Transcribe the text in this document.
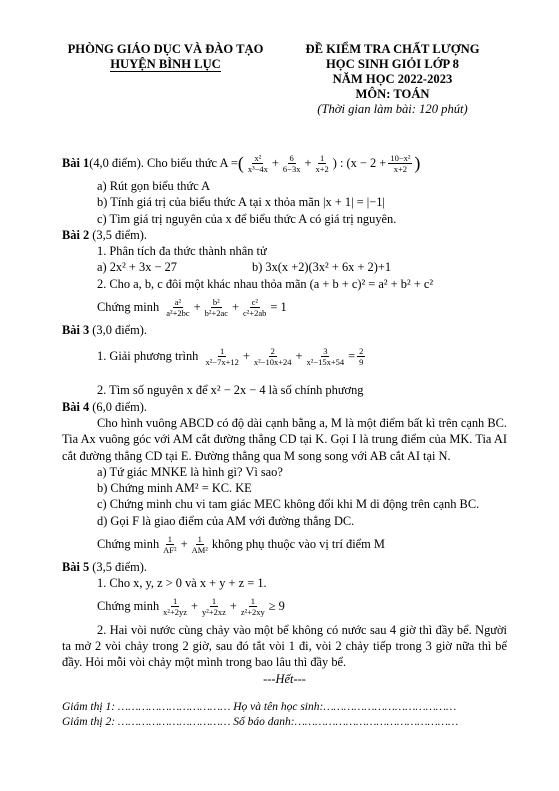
PHÒNG GIÁO DỤC VÀ ĐÀO TẠO
HUYỆN BÌNH LỤC
ĐỀ KIỂM TRA CHẤT LƯỢNG
HỌC SINH GIỎI LỚP 8
NĂM HỌC 2022-2023
MÔN: TOÁN
(Thời gian làm bài: 120 phút)
Bài 1 (4,0 điểm). Cho biểu thức A = ( x²
x³−4x + 6
6−3x + 1
x+2 ) : ($x - 2 + \frac{\text{10−x²}}{x+2}$ )
a) Rút gọn biểu thức A
b) Tính giá trị của biểu thức A tại x thỏa mãn |x + 1| = |−1|
c) Tìm giá trị nguyên của x để biểu thức A có giá trị nguyên.
Bài 2 (3,5 điểm).
1. Phân tích đa thức thành nhân tử
a) 2x² + 3x − 27	b) 3x(x +2)(3x² + 6x + 2)+1
2. Cho a, b, c đôi một khác nhau thỏa mãn (a + b + c)² = a² + b² + c²
Chứng minh
a²
a²+2bc + b²
$b^2+2ac + \frac{\text{c²}}{\text{c²+2ab}} = 1$
Bài 3 (3,0 điểm).
1. Giải phương trình
	1
x²−7x+12 + 2
x²−10x+24 + 3
x²−15x+54 = 2
9
2. Tìm số nguyên x để x² − 2x − 4 là số chính phương
Bài 4 (6,0 điểm).
Cho hình vuông ABCD có độ dài cạnh bằng a, M là một điểm bất kì trên cạnh BC. Tia Ax vuông góc với AM cắt đường thẳng CD tại K. Gọi I là trung điểm của MK. Tia AI cắt đường thẳng CD tại E. Đường thẳng qua M song song với AB cắt AI tại N.
a) Tứ giác MNKE là hình gì? Vì sao?
b) Chứng minh AM² = KC. KE
c) Chứng minh chu vi tam giác MEC không đổi khi M di động trên cạnh BC.
d) Gọi F là giao điểm của AM với đường thẳng DC.
Chứng minh 1
AF² + 1
AM² không phụ thuộc vào vị trí điểm M
Bài 5 (3,5 điểm).
1. Cho x, y, z > 0 và x + y + z = 1.
Chứng minh 1
x²+2yz + 1
$y^2+2xz + \frac{1}{\text{z²+2xy}} \ge 9$
2. Hai vòi nước cùng chảy vào một bể không có nước sau 4 giờ thì đầy bể. Người ta mở 2 vòi chảy trong 2 giờ, sau đó tắt vòi 1 đi, vòi 2 chảy tiếp trong 3 giờ nữa thì bể đầy. Hỏi mỗi vòi chảy một mình trong bao lâu thì đầy bể.
---Hết---
Giám thị 1: …………………………… Họ và tên học sinh:…………………………………
Giám thị 2: …………………………… Số báo danh:…………………………………………
